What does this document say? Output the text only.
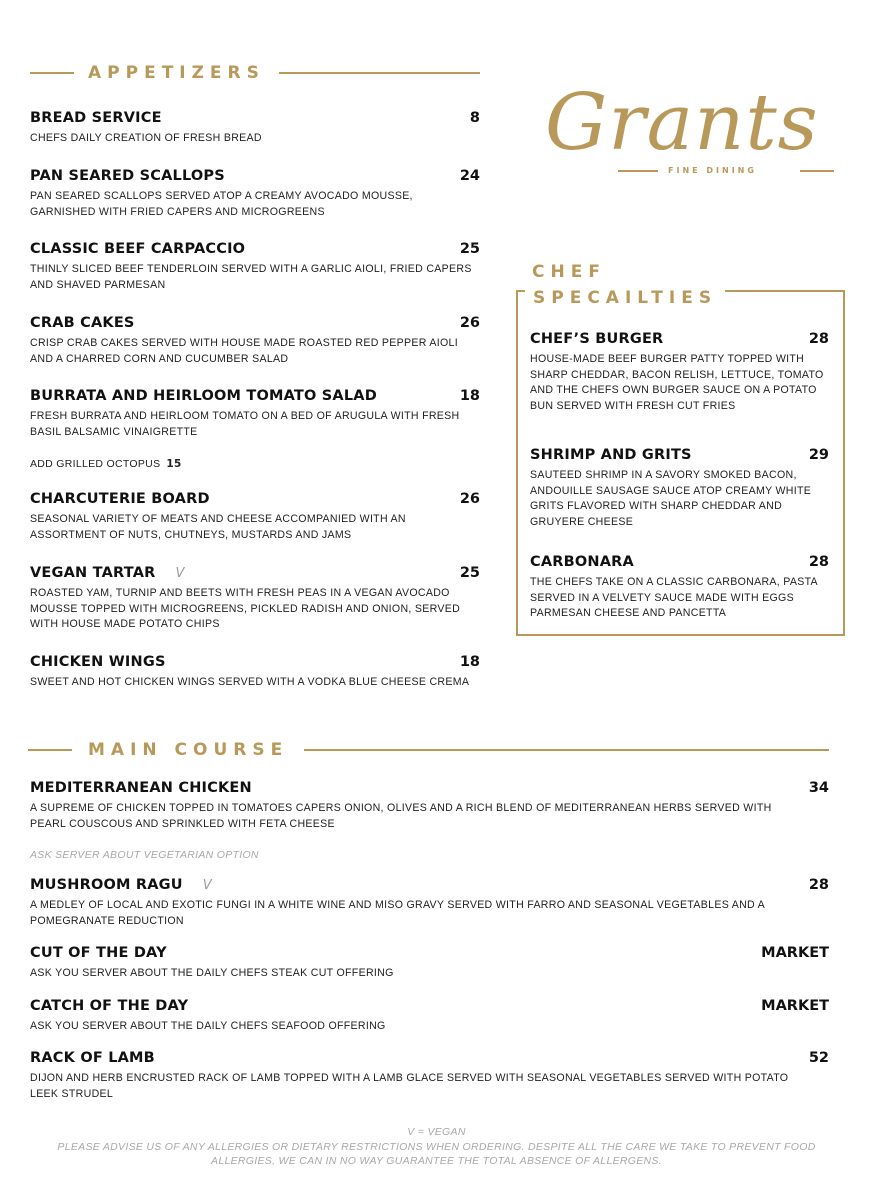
APPETIZERS
BREAD SERVICE	8
CHEFS DAILY CREATION OF FRESH BREAD
PAN SEARED SCALLOPS	24
PAN SEARED SCALLOPS SERVED ATOP A CREAMY AVOCADO MOUSSE, GARNISHED WITH FRIED CAPERS AND MICROGREENS
CLASSIC BEEF CARPACCIO	25
THINLY SLICED BEEF TENDERLOIN SERVED WITH A GARLIC AIOLI, FRIED CAPERS AND SHAVED PARMESAN
CRAB CAKES	26
CRISP CRAB CAKES SERVED WITH HOUSE MADE ROASTED RED PEPPER AIOLI AND A CHARRED CORN AND CUCUMBER SALAD
BURRATA AND HEIRLOOM TOMATO SALAD	18
FRESH BURRATA AND HEIRLOOM TOMATO ON A BED OF ARUGULA WITH FRESH BASIL BALSAMIC VINAIGRETTE
ADD GRILLED OCTOPUS 15
CHARCUTERIE BOARD	26
SEASONAL VARIETY OF MEATS AND CHEESE ACCOMPANIED WITH AN ASSORTMENT OF NUTS, CHUTNEYS, MUSTARDS AND JAMS
VEGAN TARTAR V	25
ROASTED YAM, TURNIP AND BEETS WITH FRESH PEAS IN A VEGAN AVOCADO MOUSSE TOPPED WITH MICROGREENS, PICKLED RADISH AND ONION, SERVED WITH HOUSE MADE POTATO CHIPS
CHICKEN WINGS	18
SWEET AND HOT CHICKEN WINGS SERVED WITH A VODKA BLUE CHEESE CREMA
Grants
FINE DINING
CHEF
SPECAILTIES
CHEF’S BURGER	28
HOUSE-MADE BEEF BURGER PATTY TOPPED WITH SHARP CHEDDAR, BACON RELISH, LETTUCE, TOMATO AND THE CHEFS OWN BURGER SAUCE ON A POTATO BUN SERVED WITH FRESH CUT FRIES
SHRIMP AND GRITS	29
SAUTEED SHRIMP IN A SAVORY SMOKED BACON, ANDOUILLE SAUSAGE SAUCE ATOP CREAMY WHITE GRITS FLAVORED WITH SHARP CHEDDAR AND GRUYERE CHEESE
CARBONARA	28
THE CHEFS TAKE ON A CLASSIC CARBONARA, PASTA SERVED IN A VELVETY SAUCE MADE WITH EGGS PARMESAN CHEESE AND PANCETTA
MAIN COURSE
MEDITERRANEAN CHICKEN	34
A SUPREME OF CHICKEN TOPPED IN TOMATOES CAPERS ONION, OLIVES AND A RICH BLEND OF MEDITERRANEAN HERBS SERVED WITH PEARL COUSCOUS AND SPRINKLED WITH FETA CHEESE
ASK SERVER ABOUT VEGETARIAN OPTION
MUSHROOM RAGU V	28
A MEDLEY OF LOCAL AND EXOTIC FUNGI IN A WHITE WINE AND MISO GRAVY SERVED WITH FARRO AND SEASONAL VEGETABLES AND A POMEGRANATE REDUCTION
CUT OF THE DAY	MARKET
ASK YOU SERVER ABOUT THE DAILY CHEFS STEAK CUT OFFERING
CATCH OF THE DAY	MARKET
ASK YOU SERVER ABOUT THE DAILY CHEFS SEAFOOD OFFERING
RACK OF LAMB	52
DIJON AND HERB ENCRUSTED RACK OF LAMB TOPPED WITH A LAMB GLACE SERVED WITH SEASONAL VEGETABLES SERVED WITH POTATO LEEK STRUDEL
V = VEGAN
PLEASE ADVISE US OF ANY ALLERGIES OR DIETARY RESTRICTIONS WHEN ORDERING. DESPITE ALL THE CARE WE TAKE TO PREVENT FOOD
ALLERGIES, WE CAN IN NO WAY GUARANTEE THE TOTAL ABSENCE OF ALLERGENS.
